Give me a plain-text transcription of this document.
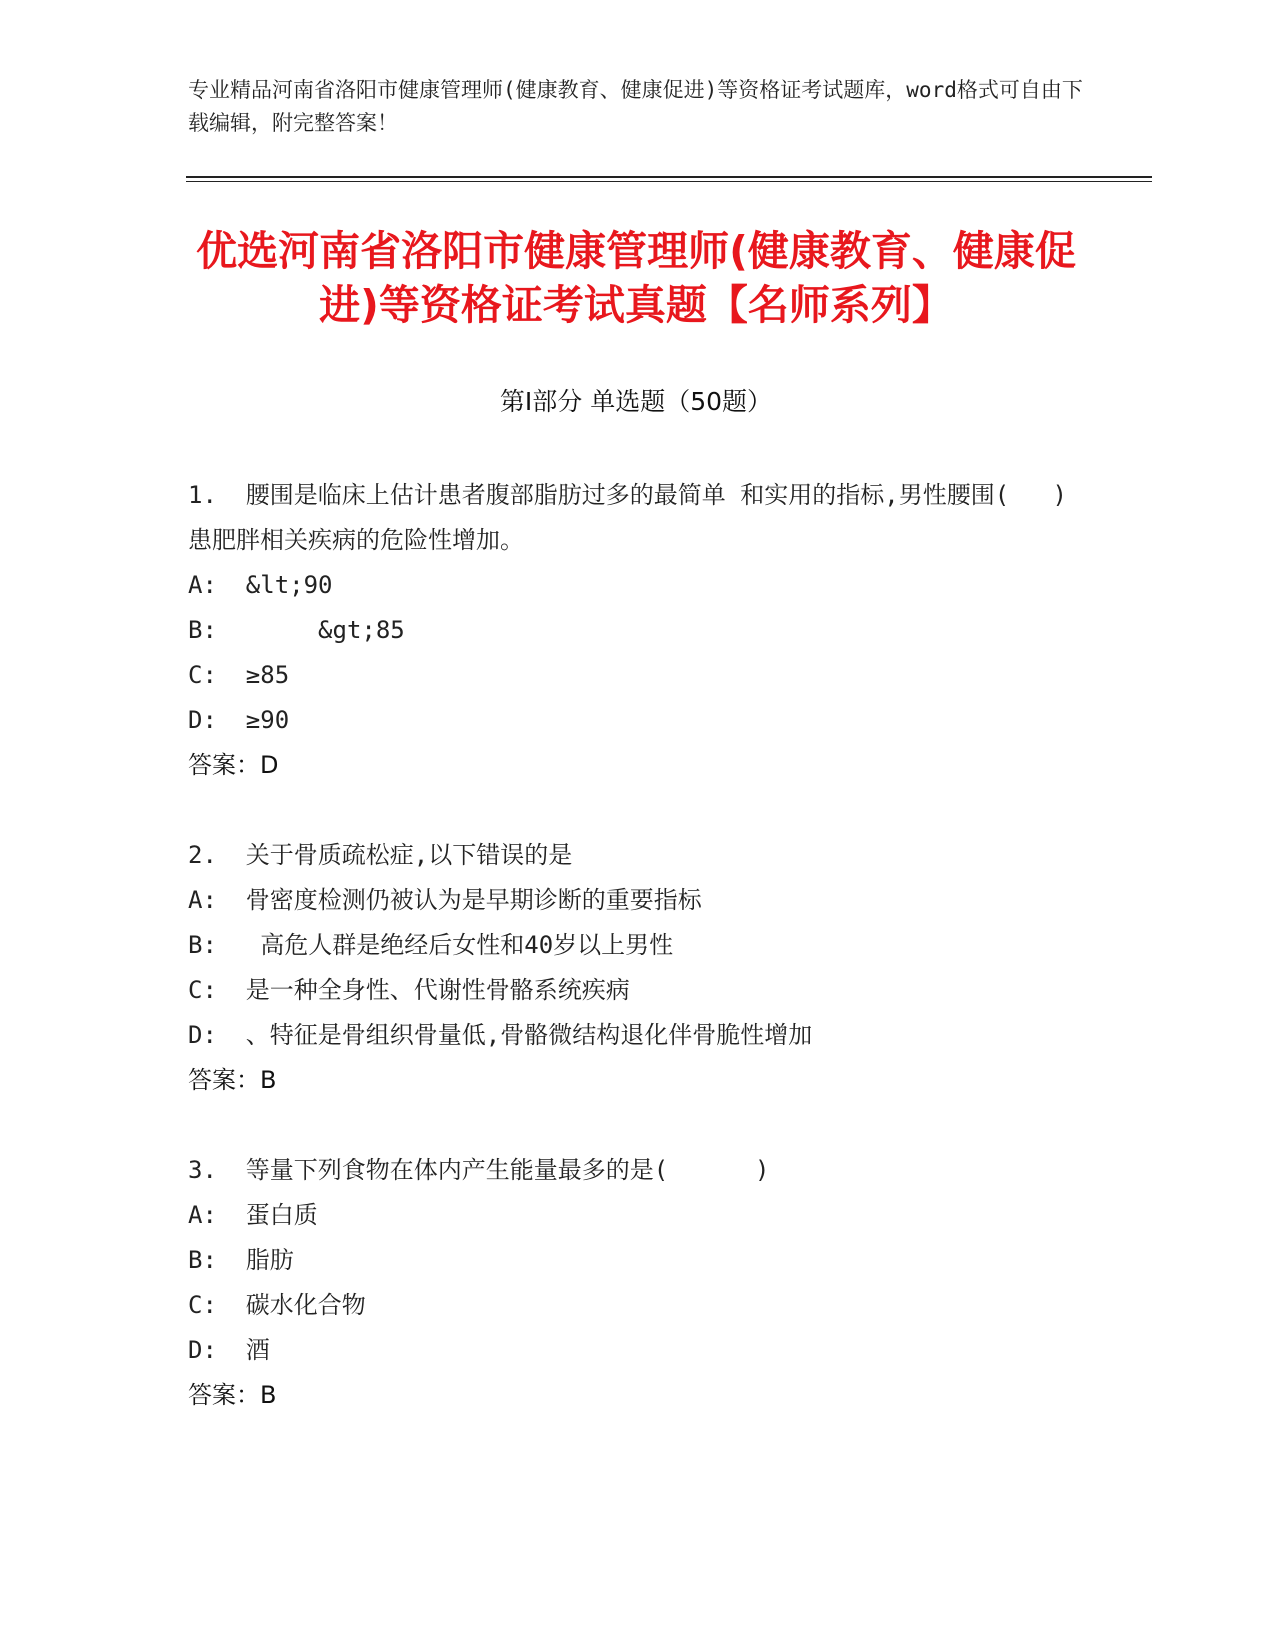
专业精品河南省洛阳市健康管理师(健康教育、健康促进)等资格证考试题库，word格式可自由下载编辑，附完整答案！
优选河南省洛阳市健康管理师(健康教育、健康促进)等资格证考试真题【名师系列】
第Ⅰ部分 单选题（50题）
1.  腰围是临床上估计患者腹部脂肪过多的最简单 和实用的指标,男性腰围(   )患肥胖相关疾病的危险性增加。
A:  &lt;90
B:       &gt;85
C:  ≥85
D:  ≥90
答案：D
2.  关于骨质疏松症,以下错误的是
A:  骨密度检测仍被认为是早期诊断的重要指标
B:   高危人群是绝经后女性和40岁以上男性
C:  是一种全身性、代谢性骨骼系统疾病
D:  、特征是骨组织骨量低,骨骼微结构退化伴骨脆性增加
答案：B
3.  等量下列食物在体内产生能量最多的是(      )
A:  蛋白质
B:  脂肪
C:  碳水化合物
D:  酒
答案：B
